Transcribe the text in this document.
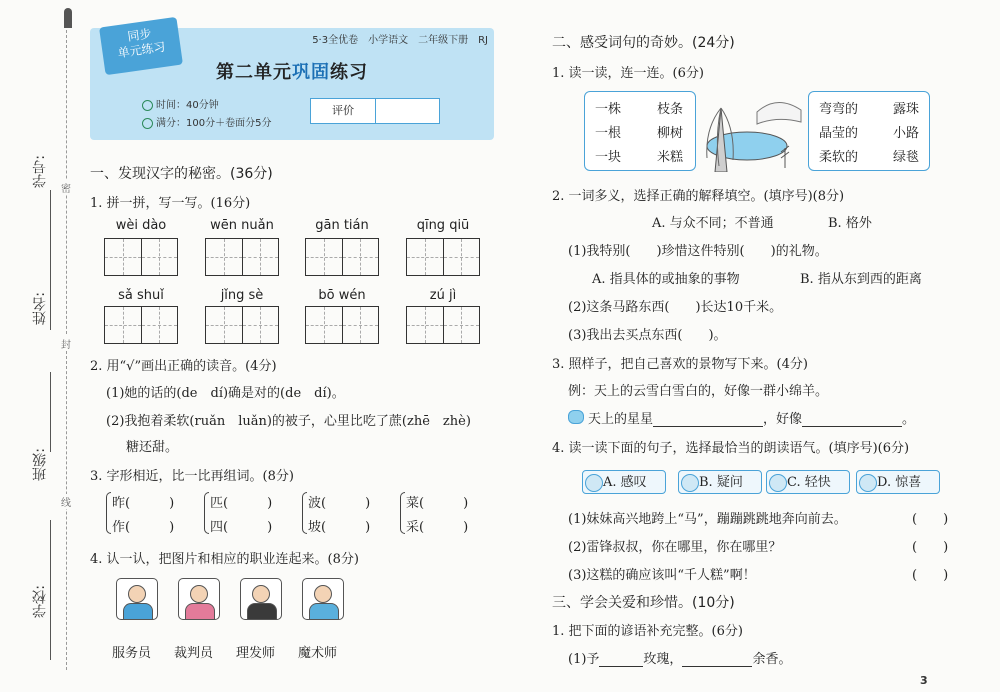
学号:
姓名:
班级:
学校:
密
封
线
同步
单元练习	5·3全优卷　小学语文　二年级下册　RJ
第二单元巩固练习
时间：40分钟
满分：100分＋卷面分5分
评价
一、发现汉字的秘密。(36分)
1. 拼一拼，写一写。(16分)
wèi dào	wēn nuǎn	gān tián	qīng qiū
sǎ shuǐ	jǐng sè	bō wén	zú jì
2. 用“√”画出正确的读音。(4分)
(1)她的话的(de　dí)确是对的(de　dí)。
(2)我抱着柔软(ruǎn　luǎn)的被子，心里比吃了蔗(zhē　zhè)
糖还甜。
3. 字形相近，比一比再组词。(8分)
昨(　　　)
作(　　　)
匹(　　　)
四(　　　)
波(　　　)
坡(　　　)
菜(　　　)
采(　　　)
4. 认一认，把图片和相应的职业连起来。(8分)
服务员 裁判员 理发师 魔术师
二、感受词句的奇妙。(24分)
1. 读一读，连一连。(6分)
一株	枝条
一根	柳树
一块	米糕
弯弯的	露珠
晶莹的	小路
柔软的	绿毯
2. 一词多义，选择正确的解释填空。(填序号)(8分)
A. 与众不同；不普通	B. 格外
(1)我特别(　　)珍惜这件特别(　　)的礼物。
A. 指具体的或抽象的事物	B. 指从东到西的距离
(2)这条马路东西(　　)长达10千米。
(3)我出去买点东西(　　)。
3. 照样子，把自己喜欢的景物写下来。(4分)
例：天上的云雪白雪白的，好像一群小绵羊。
天上的星星	，好像	。
4. 读一读下面的句子，选择最恰当的朗读语气。(填序号)(6分)
A. 感叹	B. 疑问	C. 轻快	D. 惊喜
(1)妹妹高兴地跨上“马”，蹦蹦跳跳地奔向前去。	(　　)
(2)雷锋叔叔，你在哪里，你在哪里？	(　　)
(3)这糕的确应该叫“千人糕”啊！	(　　)
三、学会关爱和珍惜。(10分)
1. 把下面的谚语补充完整。(6分)
(1)予	玫瑰，	余香。
3
